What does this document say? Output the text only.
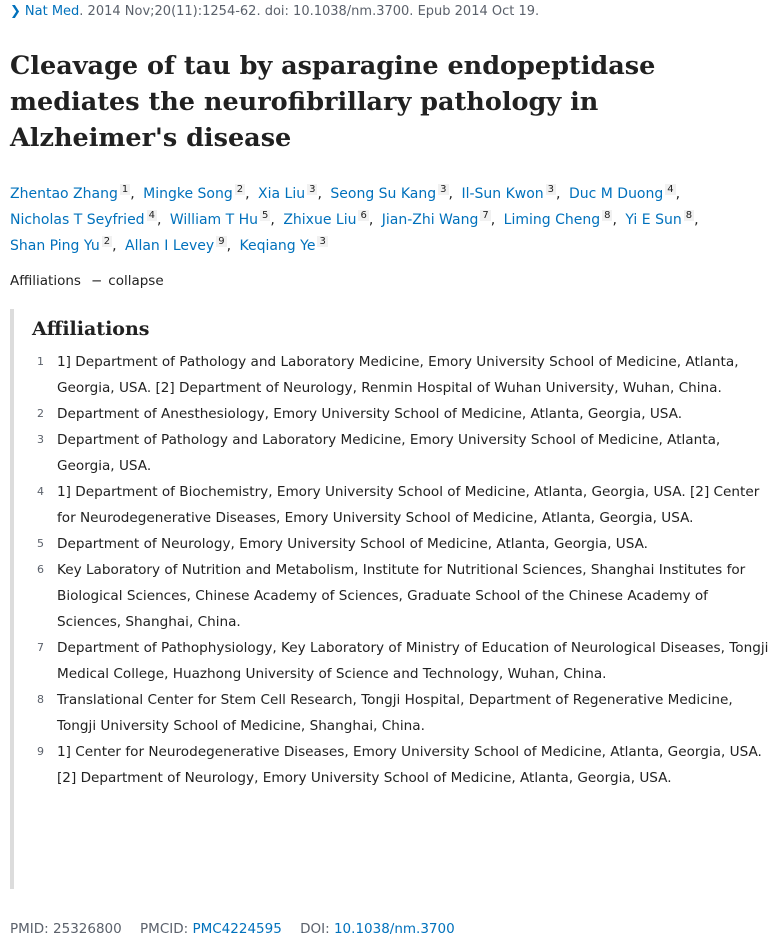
❯ Nat Med. 2014 Nov;20(11):1254-62. doi: 10.1038/nm.3700. Epub 2014 Oct 19.
Cleavage of tau by asparagine endopeptidase mediates the neurofibrillary pathology in Alzheimer's disease
Zhentao Zhang $^1$ , Mingke Song $^2$ , Xia Liu $^3$ , Seong Su Kang $^3$ , Il-Sun Kwon $^3$ , Duc M Duong $^4$ , Nicholas T Seyfried $^4$ , William T Hu $^5$ , Zhixue Liu $^6$ , Jian-Zhi Wang $^7$ , Liming Cheng $^8$ , Yi E Sun $^8$ , Shan Ping Yu $^2$ , Allan I Levey $^9$ , Keqiang Ye $^3$
Affiliations − collapse
Affiliations
1 1] Department of Pathology and Laboratory Medicine, Emory University School of Medicine, Atlanta, Georgia, USA. [2] Department of Neurology, Renmin Hospital of Wuhan University, Wuhan, China.
2 Department of Anesthesiology, Emory University School of Medicine, Atlanta, Georgia, USA.
3 Department of Pathology and Laboratory Medicine, Emory University School of Medicine, Atlanta, Georgia, USA.
4 1] Department of Biochemistry, Emory University School of Medicine, Atlanta, Georgia, USA. [2] Center for Neurodegenerative Diseases, Emory University School of Medicine, Atlanta, Georgia, USA.
5 Department of Neurology, Emory University School of Medicine, Atlanta, Georgia, USA.
6 Key Laboratory of Nutrition and Metabolism, Institute for Nutritional Sciences, Shanghai Institutes for Biological Sciences, Chinese Academy of Sciences, Graduate School of the Chinese Academy of Sciences, Shanghai, China.
7 Department of Pathophysiology, Key Laboratory of Ministry of Education of Neurological Diseases, Tongji Medical College, Huazhong University of Science and Technology, Wuhan, China.
8 Translational Center for Stem Cell Research, Tongji Hospital, Department of Regenerative Medicine, Tongji University School of Medicine, Shanghai, China.
9 1] Center for Neurodegenerative Diseases, Emory University School of Medicine, Atlanta, Georgia, USA. [2] Department of Neurology, Emory University School of Medicine, Atlanta, Georgia, USA.
PMID: 25326800 PMCID: PMC4224595 DOI: 10.1038/nm.3700
